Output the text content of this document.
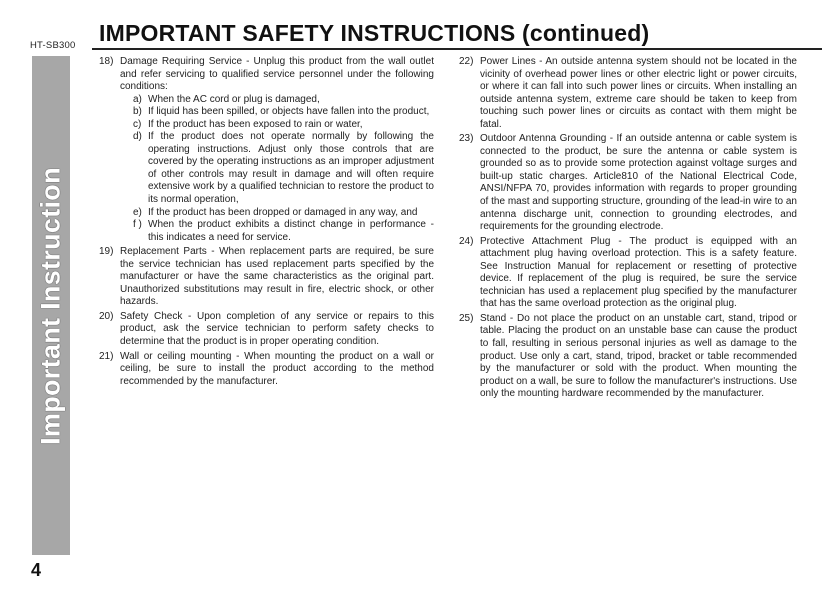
HT-SB300 IMPORTANT SAFETY INSTRUCTIONS (continued)
Important Instruction
4
18) Damage Requiring Service - Unplug this product from the wall outlet and refer servicing to qualified service personnel under the following conditions:
a) When the AC cord or plug is damaged,
b) If liquid has been spilled, or objects have fallen into the product,
c) If the product has been exposed to rain or water,
d) If the product does not operate normally by following the operating instructions. Adjust only those controls that are covered by the operating instructions as an improper adjustment of other controls may result in damage and will often require extensive work by a qualified technician to restore the product to its normal operation,
e) If the product has been dropped or damaged in any way, and
f ) When the product exhibits a distinct change in performance - this indicates a need for service.
19) Replacement Parts - When replacement parts are required, be sure the service technician has used replacement parts specified by the manufacturer or have the same characteristics as the original part. Unauthorized substitutions may result in fire, electric shock, or other hazards.
20) Safety Check - Upon completion of any service or repairs to this product, ask the service technician to perform safety checks to determine that the product is in proper operating condition.
21) Wall or ceiling mounting - When mounting the product on a wall or ceiling, be sure to install the product according to the method recommended by the manufacturer.
22) Power Lines - An outside antenna system should not be located in the vicinity of overhead power lines or other electric light or power circuits, or where it can fall into such power lines or circuits. When installing an outside antenna system, extreme care should be taken to keep from touching such power lines or circuits as contact with them might be fatal.
23) Outdoor Antenna Grounding - If an outside antenna or cable system is connected to the product, be sure the antenna or cable system is grounded so as to provide some protection against voltage surges and built-up static charges. Article810 of the National Electrical Code, ANSI/NFPA 70, provides information with regards to proper grounding of the mast and supporting structure, grounding of the lead-in wire to an antenna discharge unit, connection to grounding electrodes, and requirements for the grounding electrode.
24) Protective Attachment Plug - The product is equipped with an attachment plug having overload protection. This is a safety feature. See Instruction Manual for replacement or resetting of protective device. If replacement of the plug is required, be sure the service technician has used a replacement plug specified by the manufacturer that has the same overload protection as the original plug.
25) Stand - Do not place the product on an unstable cart, stand, tripod or table. Placing the product on an unstable base can cause the product to fall, resulting in serious personal injuries as well as damage to the product. Use only a cart, stand, tripod, bracket or table recommended by the manufacturer or sold with the product. When mounting the product on a wall, be sure to follow the manufacturer's instructions. Use only the mounting hardware recommended by the manufacturer.
